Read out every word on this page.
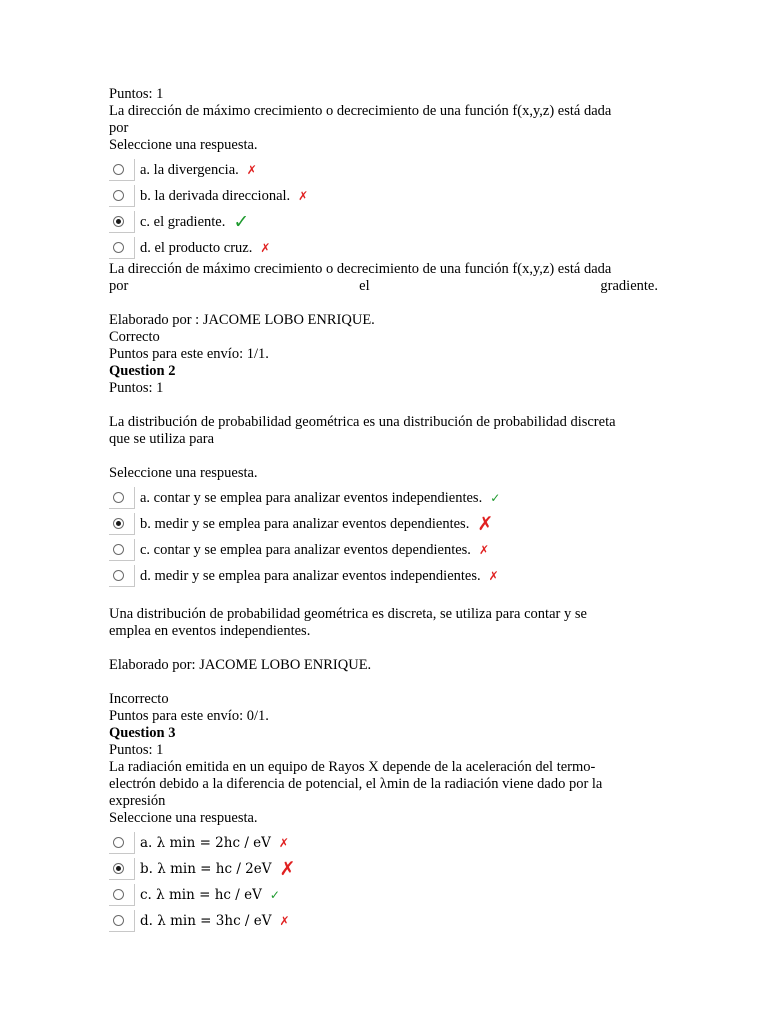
Puntos: 1
La dirección de máximo crecimiento o decrecimiento de una función f(x,y,z) está dada
por
Seleccione una respuesta.
a. la divergencia. ✗
b. la derivada direccional. ✗
c. el gradiente. ✓
d. el producto cruz. ✗
La dirección de máximo crecimiento o decrecimiento de una función f(x,y,z) está dada
por el gradiente.
Elaborado por : JACOME LOBO ENRIQUE.
Correcto
Puntos para este envío: 1/1.
Question 2
Puntos: 1
La distribución de probabilidad geométrica es una distribución de probabilidad discreta
que se utiliza para
Seleccione una respuesta.
a. contar y se emplea para analizar eventos independientes. ✓
b. medir y se emplea para analizar eventos dependientes. ✗
c. contar y se emplea para analizar eventos dependientes. ✗
d. medir y se emplea para analizar eventos independientes. ✗
Una distribución de probabilidad geométrica es discreta, se utiliza para contar y se
emplea en eventos independientes.
Elaborado por: JACOME LOBO ENRIQUE.
Incorrecto
Puntos para este envío: 0/1.
Question 3
Puntos: 1
La radiación emitida en un equipo de Rayos X depende de la aceleración del termo-
electrón debido a la diferencia de potencial, el λmin de la radiación viene dado por la
expresión
Seleccione una respuesta.
a. λ min = 2hc / eV ✗
b. λ min = hc / 2eV ✗
c. λ min = hc / eV ✓
d. λ min = 3hc / eV ✗
